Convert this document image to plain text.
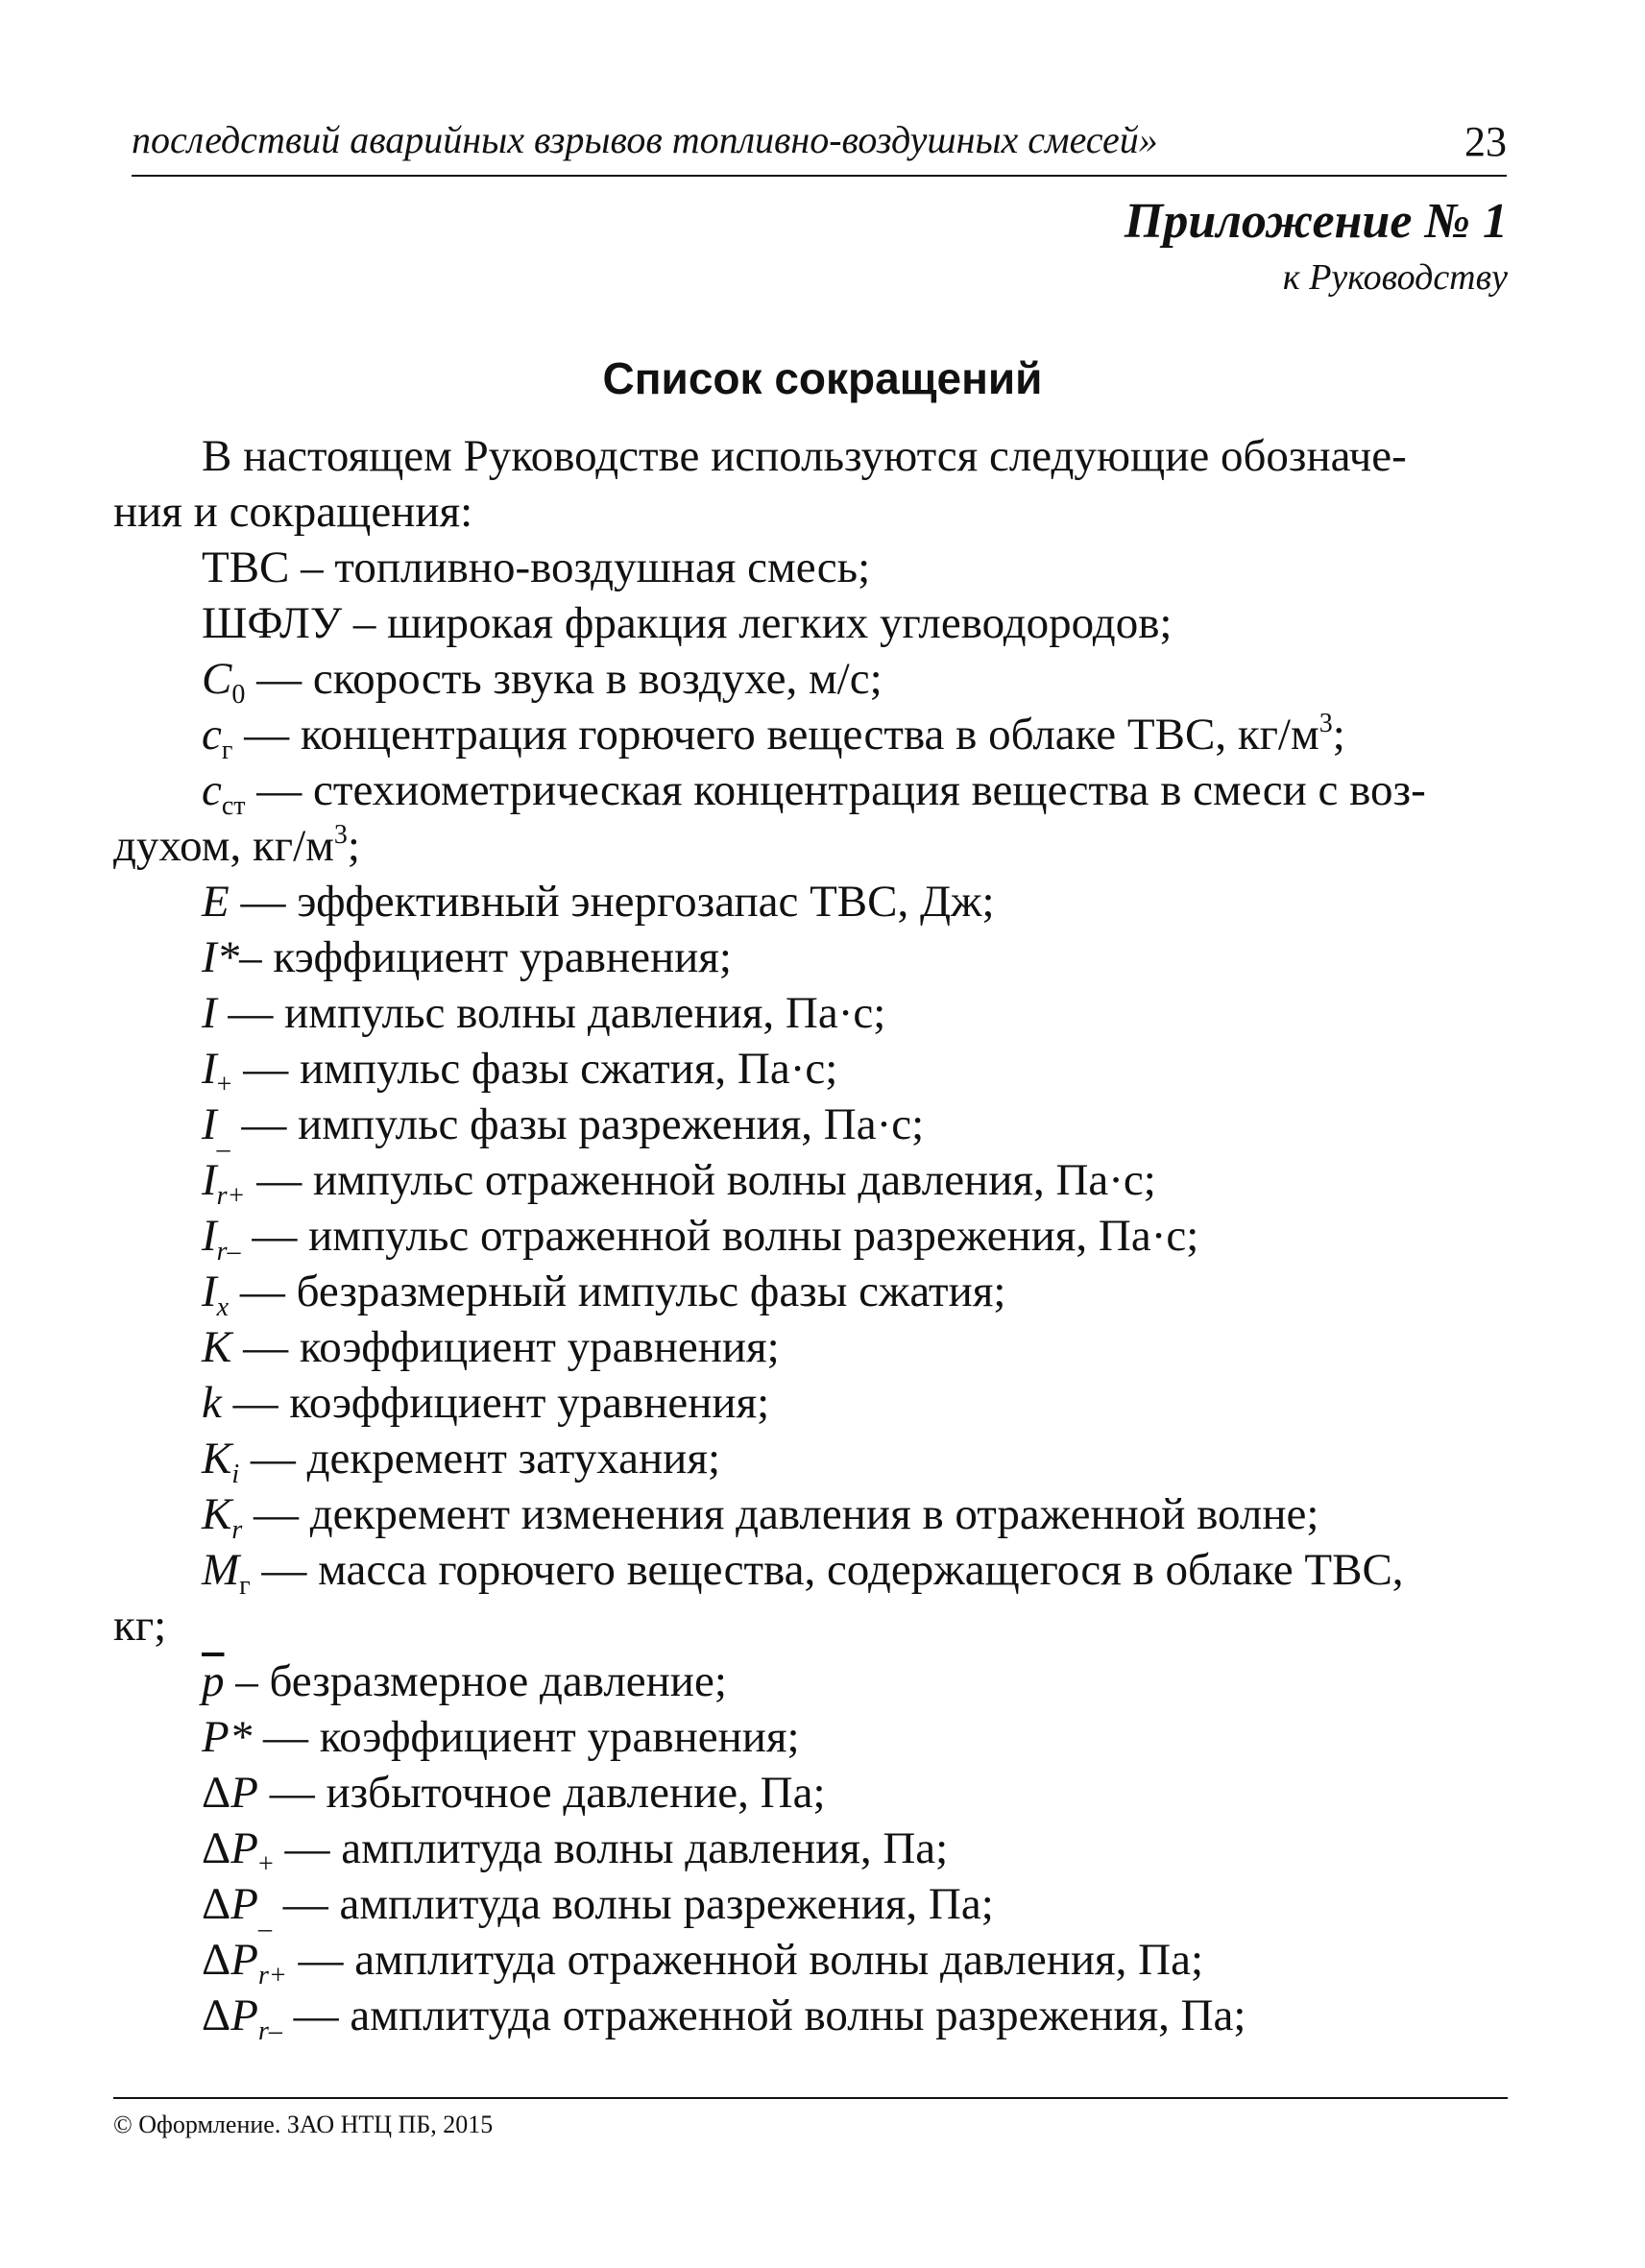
последствий аварийных взрывов топливно-воздушных смесей»	23
Приложение № 1
к Руководству
Список сокращений
В настоящем Руководстве используются следующие обозначе-
ния и сокращения:
ТВС – топливно-воздушная смесь;
ШФЛУ – широкая фракция легких углеводородов;
$C_0$ — скорость звука в воздухе, м/с;
$c_г$ — концентрация горючего вещества в облаке ТВС, $кг/м^3$;
$c_{ст}$ — стехиометрическая концентрация вещества в смеси с воз-
духом, $кг/м^3$;
E — эффективный энергозапас ТВС, Дж;
I*– кэффициент уравнения;
I — импульс волны давления, Па·с;
$I_+$ — импульс фазы сжатия, Па·с;
$I_{\_}$ — импульс фазы разрежения, Па·с;
$I_{r+}$ — импульс отраженной волны давления, Па·с;
$I_{r-}$ — импульс отраженной волны разрежения, Па·с;
$I_x$ — безразмерный импульс фазы сжатия;
K — коэффициент уравнения;
k — коэффициент уравнения;
$K_i$ — декремент затухания;
$K_r$ — декремент изменения давления в отраженной волне;
$M_г$ — масса горючего вещества, содержащегося в облаке ТВС,
кг;
$\overline{p}$ – безразмерное давление;
P* — коэффициент уравнения;
ΔP — избыточное давление, Па;
$\Delta P_+$ — амплитуда волны давления, Па;
$\Delta P_{\_}$ — амплитуда волны разрежения, Па;
$\Delta P_{r+}$ — амплитуда отраженной волны давления, Па;
$\Delta P_{r-}$ — амплитуда отраженной волны разрежения, Па;
© Оформление. ЗАО НТЦ ПБ, 2015
